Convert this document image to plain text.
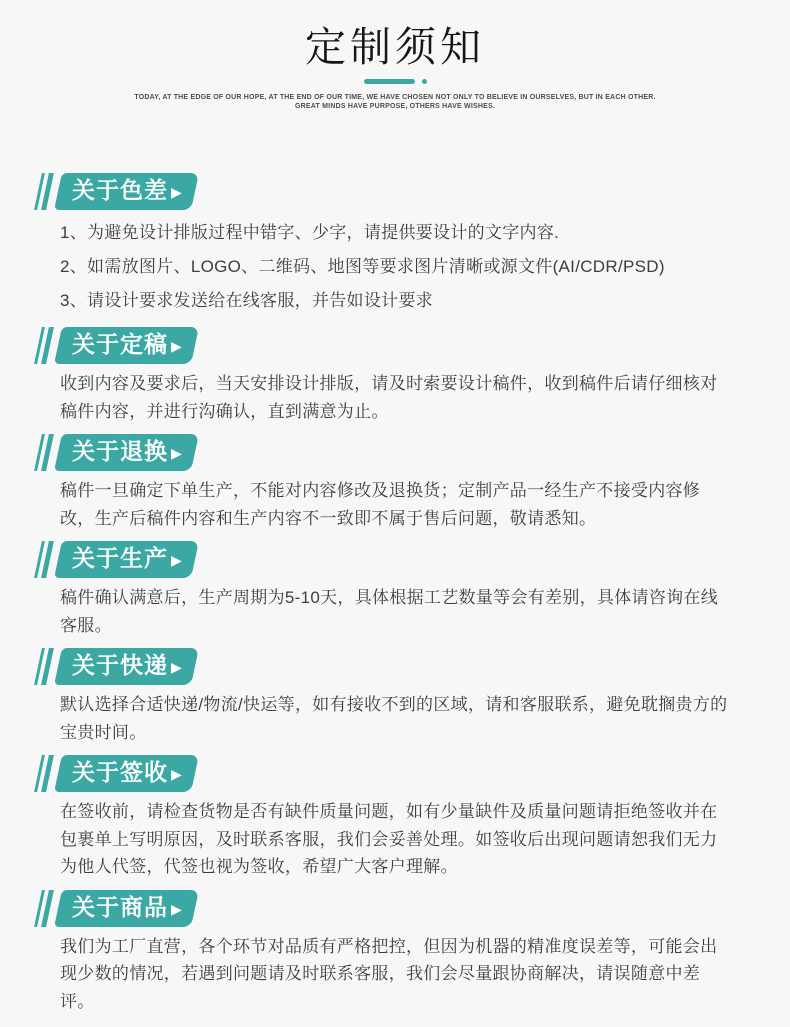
定制须知
TODAY, AT THE EDGE OF OUR HOPE, AT THE END OF OUR TIME, WE HAVE CHOSEN NOT ONLY TO BELIEVE IN OURSELVES, BUT IN EACH OTHER.
GREAT MINDS HAVE PURPOSE, OTHERS HAVE WISHES.
关于色差 ▶

1、为避免设计排版过程中错字、少字，请提供要设计的文字内容.

2、如需放图片、LOGO、二维码、地图等要求图片清晰或源文件(AI/CDR/PSD)

3、请设计要求发送给在线客服，并告如设计要求

关于定稿 ▶

收到内容及要求后，当天安排设计排版，请及时索要设计稿件，收到稿件后请仔细核对稿件内容，并进行沟确认，直到满意为止。

关于退换 ▶

稿件一旦确定下单生产，不能对内容修改及退换货；定制产品一经生产不接受内容修改，生产后稿件内容和生产内容不一致即不属于售后问题，敬请悉知。

关于生产 ▶

稿件确认满意后，生产周期为5-10天，具体根据工艺数量等会有差别，具体请咨询在线客服。

关于快递 ▶

默认选择合适快递/物流/快运等，如有接收不到的区域，请和客服联系，避免耽搁贵方的宝贵时间。

关于签收 ▶

在签收前，请检查货物是否有缺件质量问题，如有少量缺件及质量问题请拒绝签收并在包裹单上写明原因，及时联系客服，我们会妥善处理。如签收后出现问题请恕我们无力为他人代签，代签也视为签收，希望广大客户理解。

关于商品 ▶

我们为工厂直营，各个环节对品质有严格把控，但因为机器的精准度误差等，可能会出现少数的情况，若遇到问题请及时联系客服，我们会尽量跟协商解决，请误随意中差评。
